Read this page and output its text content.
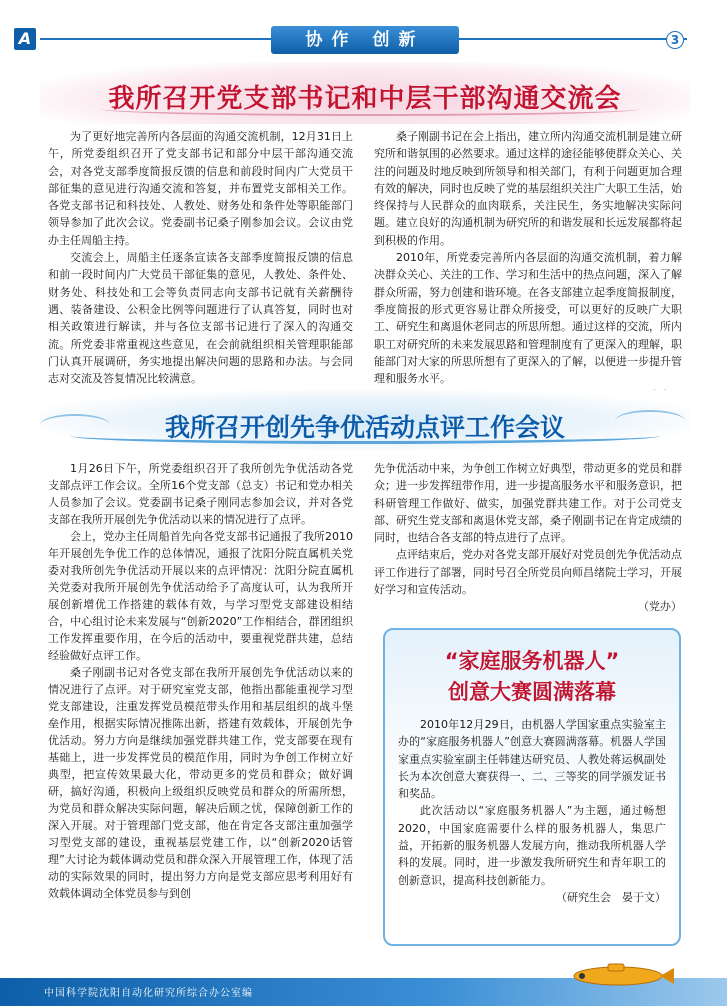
A	协作 创新	3
我所召开党支部书记和中层干部沟通交流会

为了更好地完善所内各层面的沟通交流机制，12月31日上午，所党委组织召开了党支部书记和部分中层干部沟通交流会，对各党支部季度简报反馈的信息和前段时间内广大党员干部征集的意见进行沟通交流和答复，并布置党支部相关工作。各党支部书记和科技处、人教处、财务处和条件处等职能部门领导参加了此次会议。党委副书记桑子刚参加会议。会议由党办主任周船主持。

交流会上，周船主任逐条宣读各支部季度简报反馈的信息和前一段时间内广大党员干部征集的意见，人教处、条件处、财务处、科技处和工会等负责同志向支部书记就有关薪酬待遇、装备建设、公积金比例等问题进行了认真答复，同时也对相关政策进行解读，并与各位支部书记进行了深入的沟通交流。所党委非常重视这些意见，在会前就组织相关管理职能部门认真开展调研，务实地提出解决问题的思路和办法。与会同志对交流及答复情况比较满意。

桑子刚副书记在会上指出，建立所内沟通交流机制是建立研究所和谐氛围的必然要求。通过这样的途径能够使群众关心、关注的问题及时地反映到所领导和相关部门，有利于问题更加合理有效的解决，同时也反映了党的基层组织关注广大职工生活，始终保持与人民群众的血肉联系，关注民生，务实地解决实际问题。建立良好的沟通机制为研究所的和谐发展和长远发展都将起到积极的作用。

2010年，所党委完善所内各层面的沟通交流机制，着力解决群众关心、关注的工作、学习和生活中的热点问题，深入了解群众所需，努力创建和谐环境。在各支部建立起季度简报制度，季度简报的形式更容易让群众所接受，可以更好的反映广大职工、研究生和离退休老同志的所思所想。通过这样的交流，所内职工对研究所的未来发展思路和管理制度有了更深入的理解，职能部门对大家的所思所想有了更深入的了解，以便进一步提升管理和服务水平。

我所召开创先争优活动点评工作会议

1月26日下午，所党委组织召开了我所创先争优活动各党支部点评工作会议。全所16个党支部（总支）书记和党办相关人员参加了会议。党委副书记桑子刚同志参加会议，并对各党支部在我所开展创先争优活动以来的情况进行了点评。

会上，党办主任周船首先向各党支部书记通报了我所2010年开展创先争优工作的总体情况，通报了沈阳分院直属机关党委对我所创先争优活动开展以来的点评情况：沈阳分院直属机关党委对我所开展创先争优活动给予了高度认可，认为我所开展创新增优工作搭建的载体有效，与学习型党支部建设相结合，中心组讨论未来发展与“创新2020”工作相结合，群团组织工作发挥重要作用，在今后的活动中，要重视党群共建，总结经验做好点评工作。

桑子刚副书记对各党支部在我所开展创先争优活动以来的情况进行了点评。对于研究室党支部，他指出都能重视学习型党支部建设，注重发挥党员模范带头作用和基层组织的战斗堡垒作用，根据实际情况推陈出新，搭建有效载体，开展创先争优活动。努力方向是继续加强党群共建工作，党支部要在现有基础上，进一步发挥党员的模范作用，同时为争创工作树立好典型，把宣传效果最大化，带动更多的党员和群众；做好调研，搞好沟通，积极向上级组织反映党员和群众的所需所想，为党员和群众解决实际问题，解决后顾之忧，保障创新工作的深入开展。对于管理部门党支部，他在肯定各支部注重加强学习型党支部的建设，重视基层党建工作，以“创新2020话管理”大讨论为载体调动党员和群众深入开展管理工作，体现了活动的实际效果的同时，提出努力方向是党支部应思考利用好有效载体调动全体党员参与到创

先争优活动中来，为争创工作树立好典型，带动更多的党员和群众；进一步发挥纽带作用，进一步提高服务水平和服务意识，把科研管理工作做好、做实，加强党群共建工作。对于公司党支部、研究生党支部和离退休党支部，桑子刚副书记在肯定成绩的同时，也结合各支部的特点进行了点评。

点评结束后，党办对各党支部开展好对党员创先争优活动点评工作进行了部署，同时号召全所党员向师昌绪院士学习，开展好学习和宣传活动。

（党办）
“家庭服务机器人”
创意大赛圆满落幕

2010年12月29日，由机器人学国家重点实验室主办的“家庭服务机器人”创意大赛圆满落幕。机器人学国家重点实验室副主任韩建达研究员、人教处蒋运枫副处长为本次创意大赛获得一、二、三等奖的同学颁发证书和奖品。

此次活动以“家庭服务机器人”为主题，通过畅想2020，中国家庭需要什么样的服务机器人，集思广益，开拓新的服务机器人发展方向，推动我所机器人学科的发展。同时，进一步激发我所研究生和青年职工的创新意识，提高科技创新能力。

（研究生会　晏于文）
中国科学院沈阳自动化研究所综合办公室编
